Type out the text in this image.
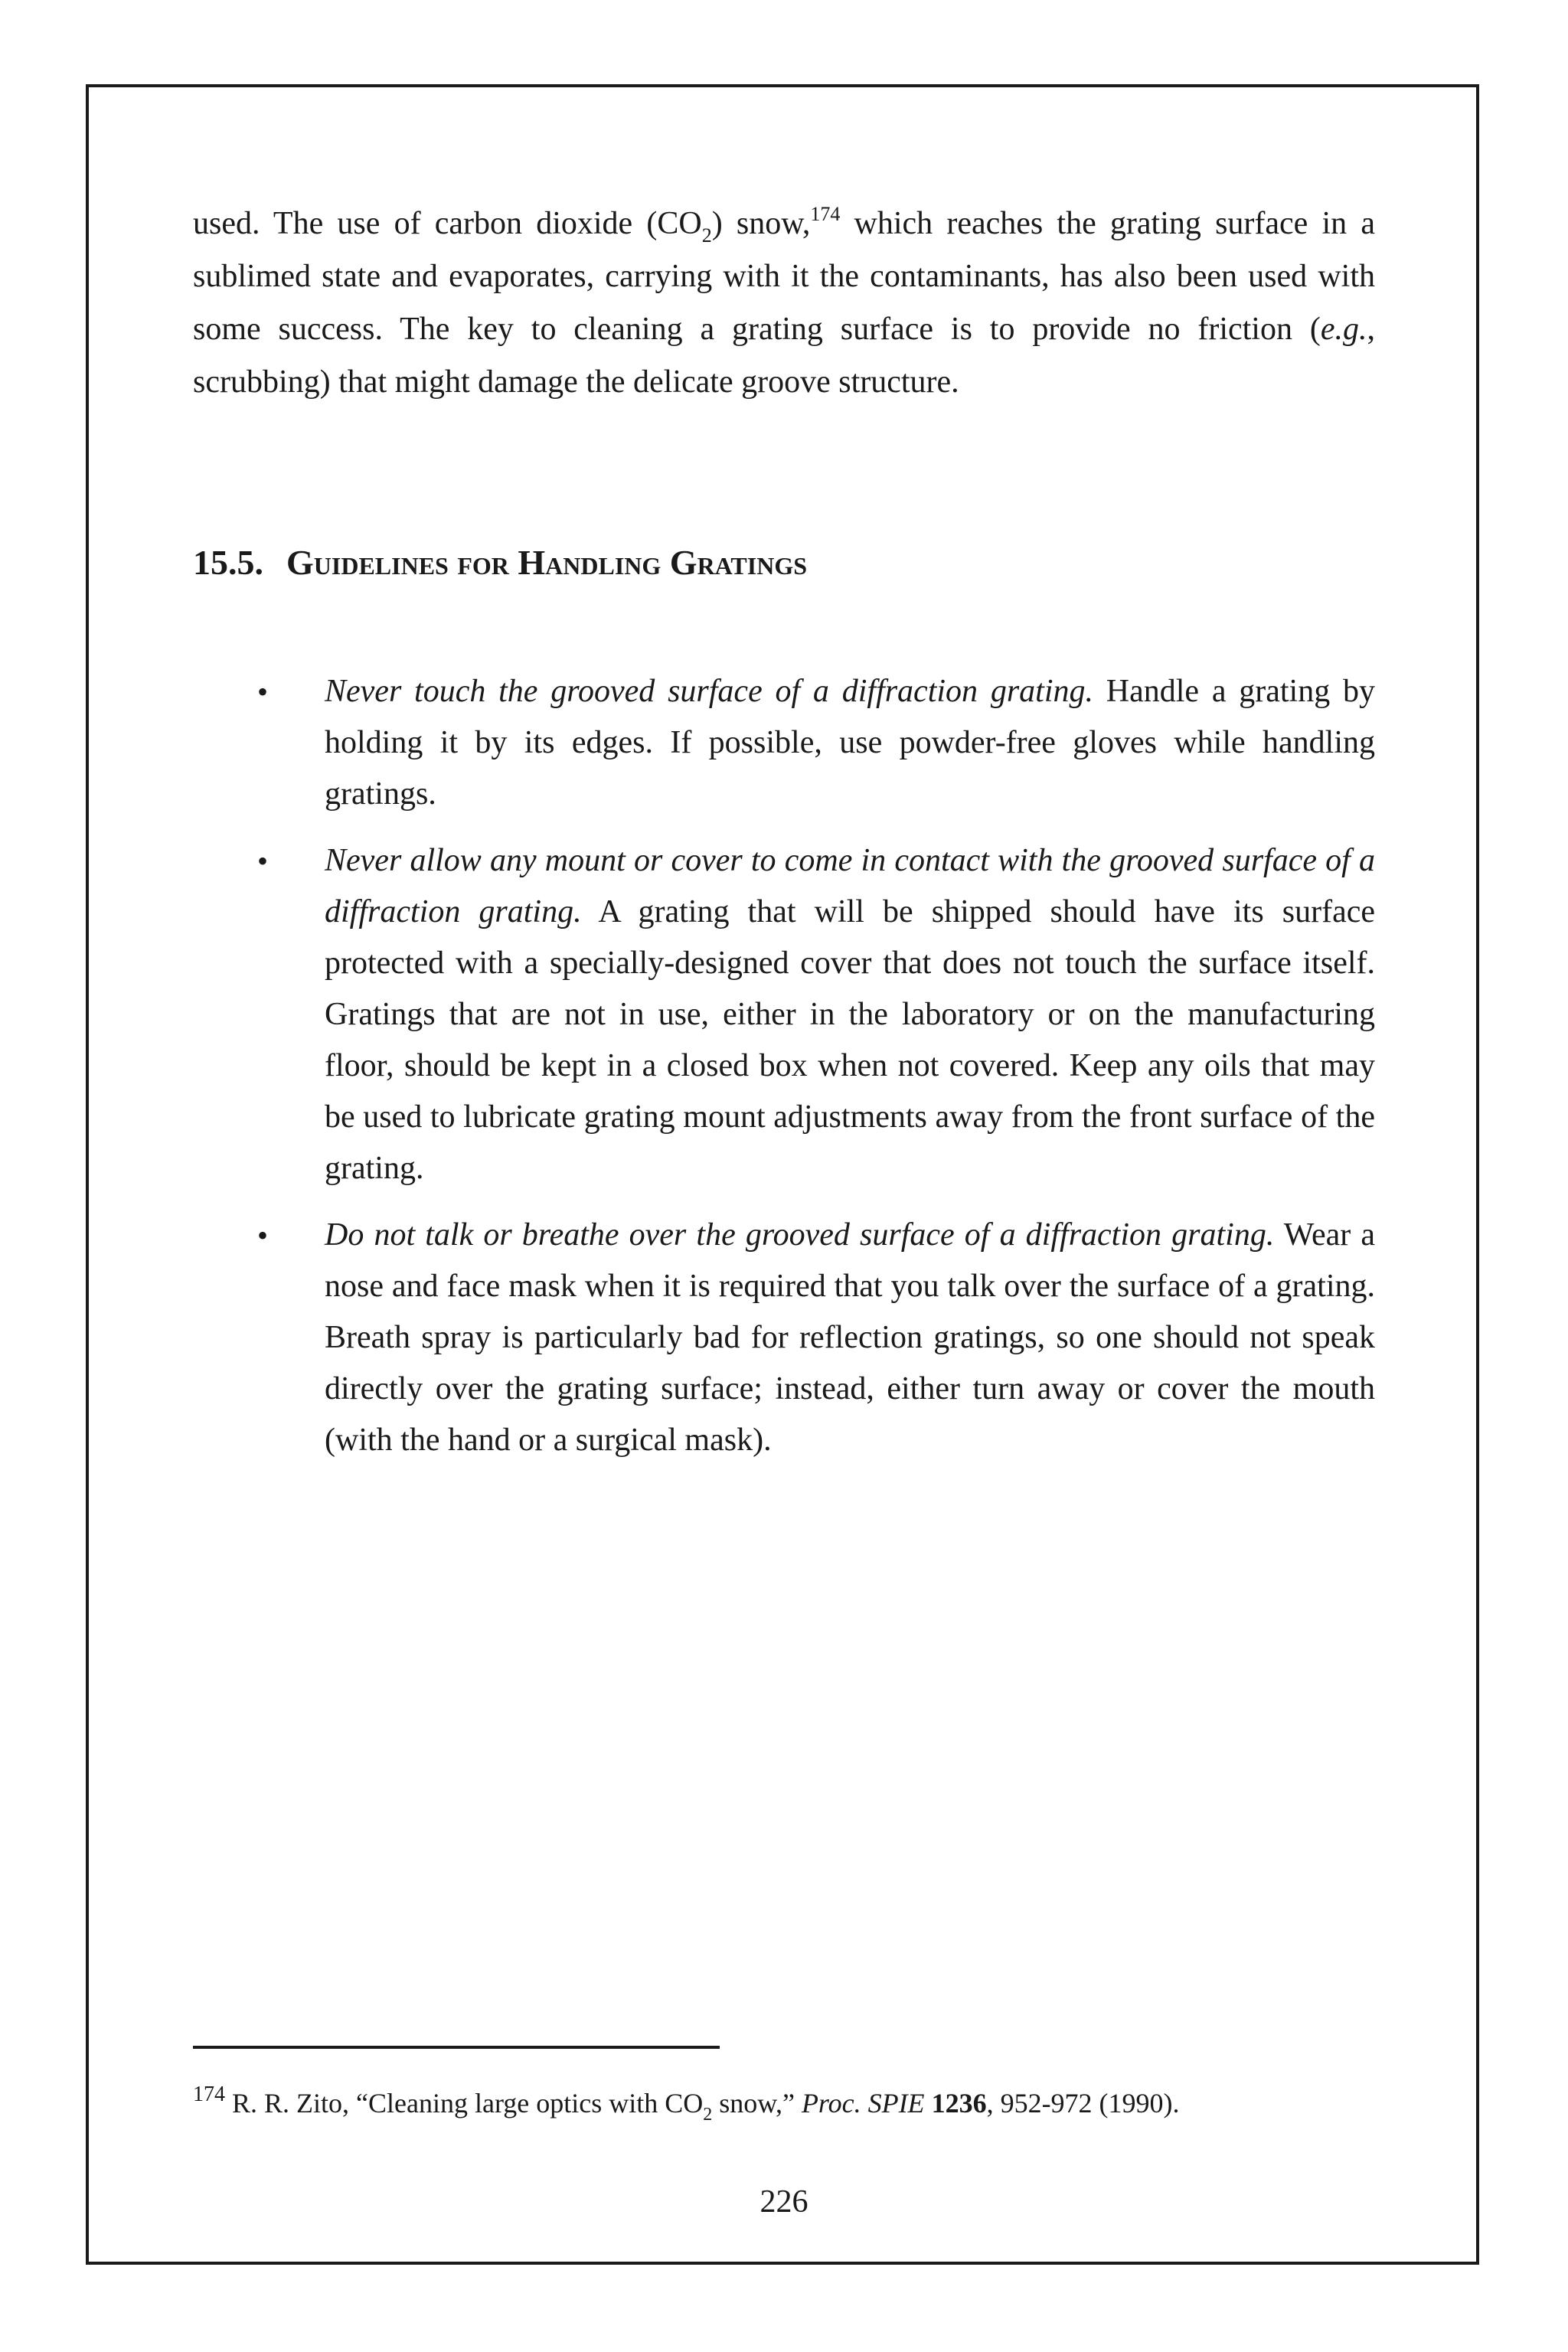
used. The use of carbon dioxide $(CO_2)$ snow,$^{174}$ which reaches the grating surface in a sublimed state and evaporates, carrying with it the contaminants, has also been used with some success. The key to cleaning a grating surface is to provide no friction (e.g., scrubbing) that might damage the delicate groove structure.

15.5. Guidelines for Handling Gratings
• Never touch the grooved surface of a diffraction grating. Handle a grating by holding it by its edges. If possible, use powder-free gloves while handling gratings.
• Never allow any mount or cover to come in contact with the grooved surface of a diffraction grating. A grating that will be shipped should have its surface protected with a specially-designed cover that does not touch the surface itself. Gratings that are not in use, either in the laboratory or on the manufacturing floor, should be kept in a closed box when not covered. Keep any oils that may be used to lubricate grating mount adjustments away from the front surface of the grating.
• Do not talk or breathe over the grooved surface of a diffraction grating. Wear a nose and face mask when it is required that you talk over the surface of a grating. Breath spray is particularly bad for reflection gratings, so one should not speak directly over the grating surface; instead, either turn away or cover the mouth (with the hand or a surgical mask).

$^{174}$ R. R. Zito, “Cleaning large optics with $CO_2$ snow,” Proc. SPIE 1236, 952-972 (1990).

226
